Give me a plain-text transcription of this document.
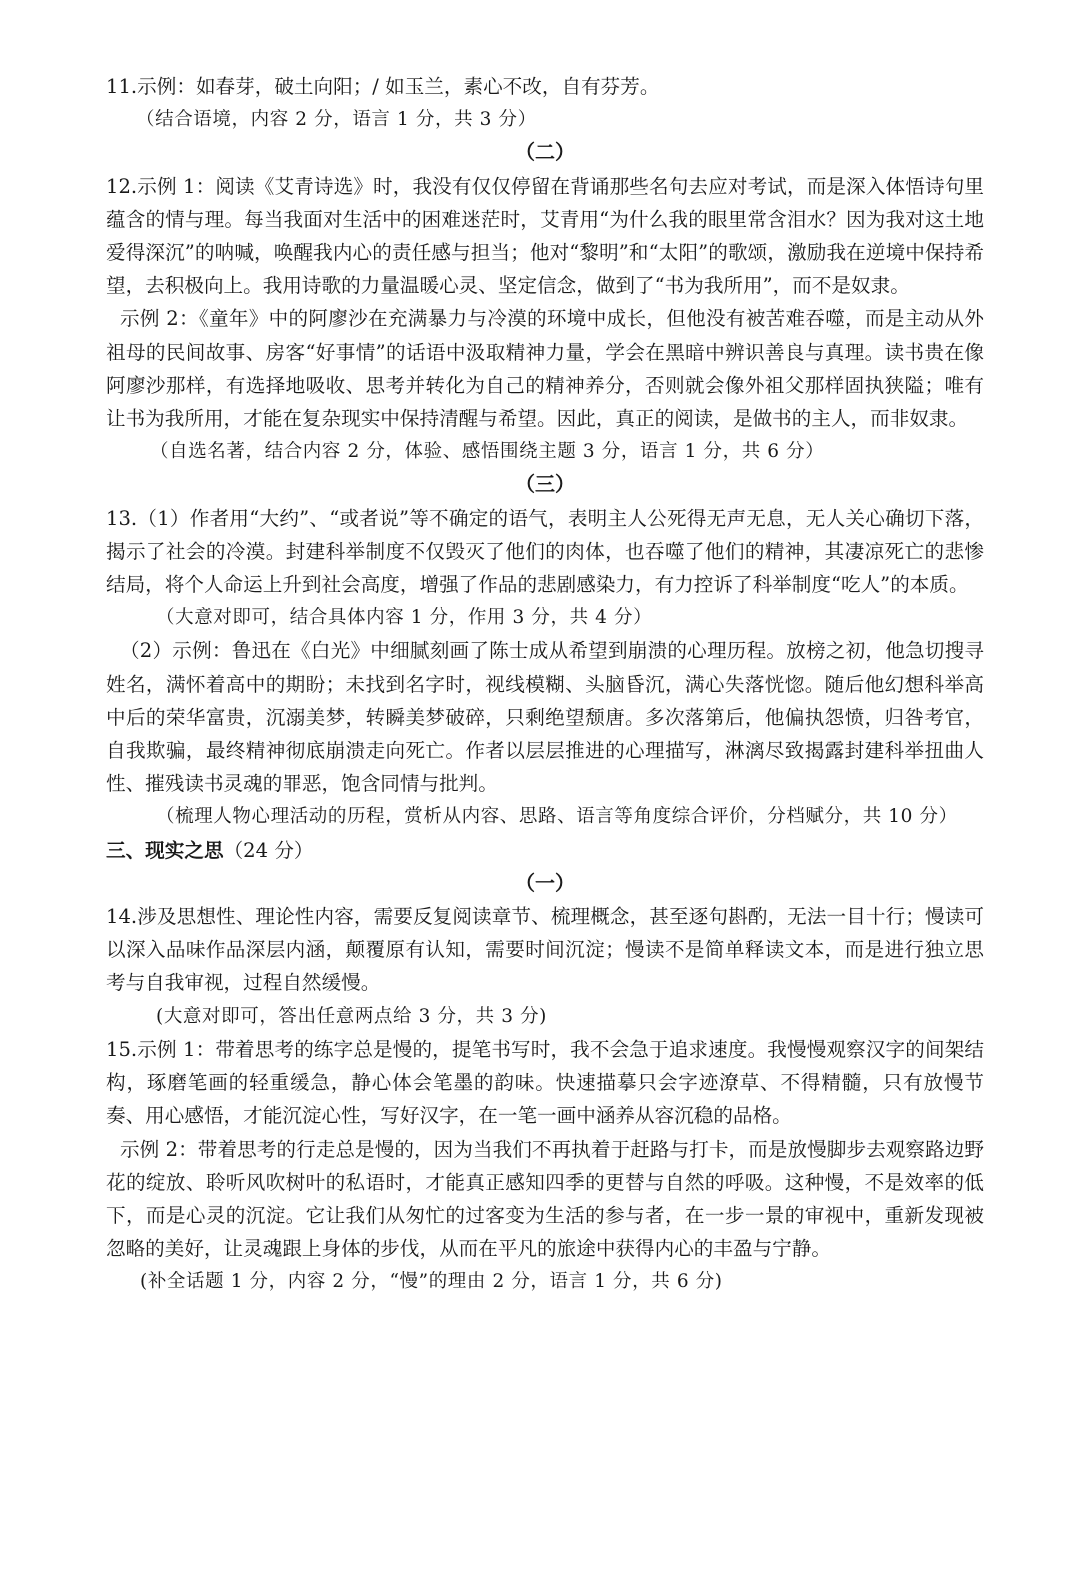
11.示例：如春芽，破土向阳；/ 如玉兰，素心不改，自有芬芳。

（结合语境，内容 2 分，语言 1 分，共 3 分）

（二）

12.示例 1：阅读《艾青诗选》时，我没有仅仅停留在背诵那些名句去应对考试，而是深入体悟诗句里蕴含的情与理。每当我面对生活中的困难迷茫时，艾青用“为什么我的眼里常含泪水？因为我对这土地爱得深沉”的呐喊，唤醒我内心的责任感与担当；他对“黎明”和“太阳”的歌颂，激励我在逆境中保持希望，去积极向上。我用诗歌的力量温暖心灵、坚定信念，做到了“书为我所用”，而不是奴隶。

示例 2：《童年》中的阿廖沙在充满暴力与冷漠的环境中成长，但他没有被苦难吞噬，而是主动从外祖母的民间故事、房客“好事情”的话语中汲取精神力量，学会在黑暗中辨识善良与真理。读书贵在像阿廖沙那样，有选择地吸收、思考并转化为自己的精神养分，否则就会像外祖父那样固执狭隘；唯有让书为我所用，才能在复杂现实中保持清醒与希望。因此，真正的阅读，是做书的主人，而非奴隶。

（自选名著，结合内容 2 分，体验、感悟围绕主题 3 分，语言 1 分，共 6 分）

（三）

13.（1）作者用“大约”、“或者说”等不确定的语气，表明主人公死得无声无息，无人关心确切下落，揭示了社会的冷漠。封建科举制度不仅毁灭了他们的肉体，也吞噬了他们的精神，其凄凉死亡的悲惨结局，将个人命运上升到社会高度，增强了作品的悲剧感染力，有力控诉了科举制度“吃人”的本质。

（大意对即可，结合具体内容 1 分，作用 3 分，共 4 分）

（2）示例：鲁迅在《白光》中细腻刻画了陈士成从希望到崩溃的心理历程。放榜之初，他急切搜寻姓名，满怀着高中的期盼；未找到名字时，视线模糊、头脑昏沉，满心失落恍惚。随后他幻想科举高中后的荣华富贵，沉溺美梦，转瞬美梦破碎，只剩绝望颓唐。多次落第后，他偏执怨愤，归咎考官，自我欺骗，最终精神彻底崩溃走向死亡。作者以层层推进的心理描写，淋漓尽致揭露封建科举扭曲人性、摧残读书灵魂的罪恶，饱含同情与批判。

（梳理人物心理活动的历程，赏析从内容、思路、语言等角度综合评价，分档赋分，共 10 分）

三、现实之思（24 分）

（一）

14.涉及思想性、理论性内容，需要反复阅读章节、梳理概念，甚至逐句斟酌，无法一目十行；慢读可以深入品味作品深层内涵，颠覆原有认知，需要时间沉淀；慢读不是简单释读文本，而是进行独立思考与自我审视，过程自然缓慢。

(大意对即可，答出任意两点给 3 分，共 3 分)

15.示例 1：带着思考的练字总是慢的，提笔书写时，我不会急于追求速度。我慢慢观察汉字的间架结构，琢磨笔画的轻重缓急，静心体会笔墨的韵味。快速描摹只会字迹潦草、不得精髓，只有放慢节奏、用心感悟，才能沉淀心性，写好汉字，在一笔一画中涵养从容沉稳的品格。

示例 2：带着思考的行走总是慢的，因为当我们不再执着于赶路与打卡，而是放慢脚步去观察路边野花的绽放、聆听风吹树叶的私语时，才能真正感知四季的更替与自然的呼吸。这种慢，不是效率的低下，而是心灵的沉淀。它让我们从匆忙的过客变为生活的参与者，在一步一景的审视中，重新发现被忽略的美好，让灵魂跟上身体的步伐，从而在平凡的旅途中获得内心的丰盈与宁静。

(补全话题 1 分，内容 2 分，“慢”的理由 2 分，语言 1 分，共 6 分)
